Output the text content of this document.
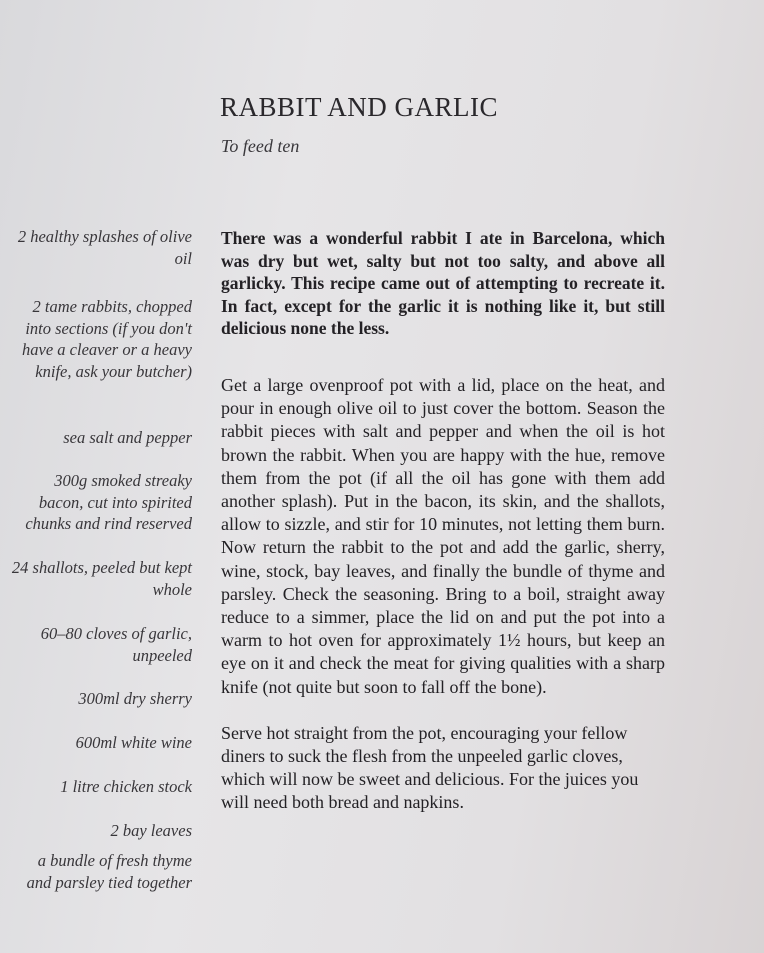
RABBIT AND GARLIC
To feed ten
2 healthy splashes of olive oil
2 tame rabbits, chopped into sections (if you don't have a cleaver or a heavy knife, ask your butcher)
sea salt and pepper
300g smoked streaky bacon, cut into spirited chunks and rind reserved
24 shallots, peeled but kept whole
60–80 cloves of garlic, unpeeled
300ml dry sherry
600ml white wine
1 litre chicken stock
2 bay leaves
a bundle of fresh thyme and parsley tied together

There was a wonderful rabbit I ate in Barcelona, which was dry but wet, salty but not too salty, and above all garlicky. This recipe came out of attempting to recreate it. In fact, except for the garlic it is nothing like it, but still delicious none the less.

Get a large ovenproof pot with a lid, place on the heat, and pour in enough olive oil to just cover the bottom. Season the rabbit pieces with salt and pepper and when the oil is hot brown the rabbit. When you are happy with the hue, remove them from the pot (if all the oil has gone with them add another splash). Put in the bacon, its skin, and the shallots, allow to sizzle, and stir for 10 minutes, not letting them burn. Now return the rabbit to the pot and add the garlic, sherry, wine, stock, bay leaves, and finally the bundle of thyme and parsley. Check the seasoning. Bring to a boil, straight away reduce to a simmer, place the lid on and put the pot into a warm to hot oven for approximately 1½ hours, but keep an eye on it and check the meat for giving qualities with a sharp knife (not quite but soon to fall off the bone).

Serve hot straight from the pot, encouraging your fellow diners to suck the flesh from the unpeeled garlic cloves, which will now be sweet and delicious. For the juices you will need both bread and napkins.
